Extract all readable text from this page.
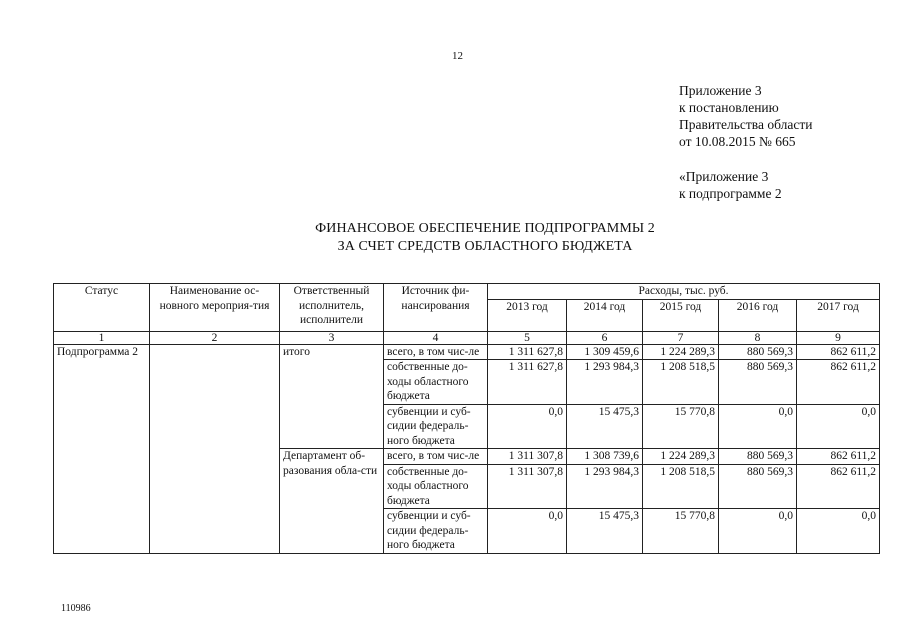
12
Приложение 3
к постановлению
Правительства области
от 10.08.2015 № 665
«Приложение 3
к подпрограмме 2
ФИНАНСОВОЕ ОБЕСПЕЧЕНИЕ ПОДПРОГРАММЫ 2
ЗА СЧЕТ СРЕДСТВ ОБЛАСТНОГО БЮДЖЕТА
Статус	Наименование ос-новного мероприя-тия	Ответственный исполнитель, исполнители	Источник фи-нансирования	Расходы, тыс. руб.				
				2013 год	2014 год	2015 год	2016 год	2017 год
1	2	3	4	5	6	7	8	9
Подпрограмма 2		итого	всего, в том чис-ле	1 311 627,8	1 309 459,6	1 224 289,3	880 569,3	862 611,2
			собственные до-ходы областного бюджета	1 311 627,8	1 293 984,3	1 208 518,5	880 569,3	862 611,2
			субвенции и суб-сидии федераль-ного бюджета	0,0	15 475,3	15 770,8	0,0	0,0
		Департамент об-разования обла-сти	всего, в том чис-ле	1 311 307,8	1 308 739,6	1 224 289,3	880 569,3	862 611,2
			собственные до-ходы областного бюджета	1 311 307,8	1 293 984,3	1 208 518,5	880 569,3	862 611,2
			субвенции и суб-сидии федераль-ного бюджета	0,0	15 475,3	15 770,8	0,0	0,0
110986
